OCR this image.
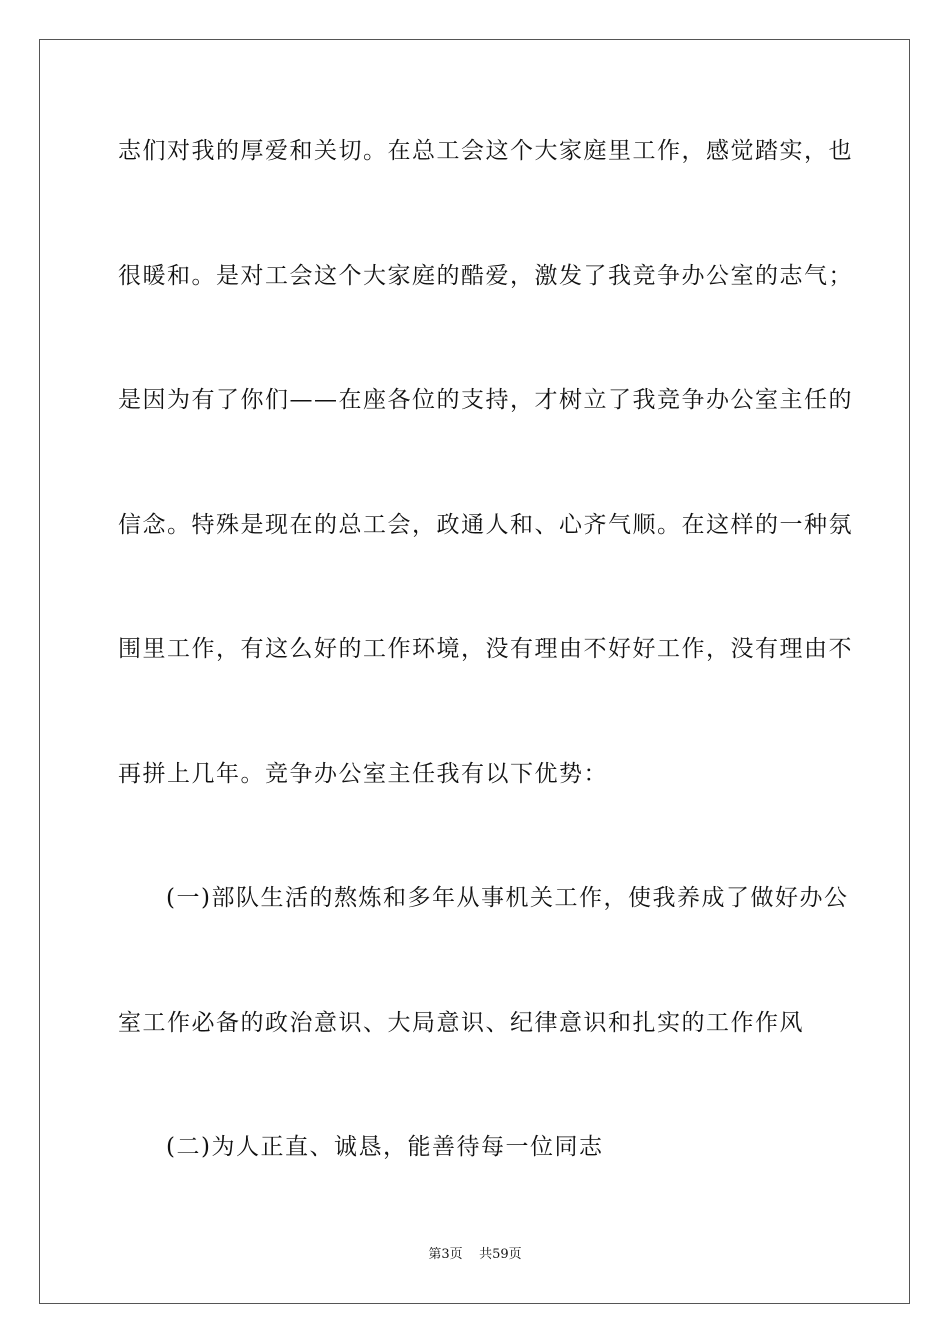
志们对我的厚爱和关切。在总工会这个大家庭里工作，感觉踏实，也
很暖和。是对工会这个大家庭的酷爱，激发了我竞争办公室的志气；
是因为有了你们——在座各位的支持，才树立了我竞争办公室主任的
信念。特殊是现在的总工会，政通人和、心齐气顺。在这样的一种氛
围里工作，有这么好的工作环境，没有理由不好好工作，没有理由不
再拼上几年。竞争办公室主任我有以下优势：
(一)部队生活的熬炼和多年从事机关工作，使我养成了做好办公
室工作必备的政治意识、大局意识、纪律意识和扎实的工作作风
(二)为人正直、诚恳，能善待每一位同志
第3页 共59页
